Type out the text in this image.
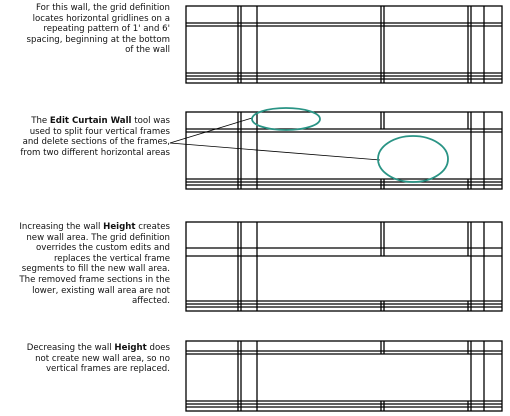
For this wall, the grid definition
locates horizontal gridlines on a
repeating pattern of 1' and 6'
spacing, beginning at the bottom
of the wall
The Edit Curtain Wall tool was
used to split four vertical frames
and delete sections of the frames,
from two different horizontal areas
Increasing the wall Height creates
new wall area. The grid definition
overrides the custom edits and
replaces the vertical frame
segments to fill the new wall area.
The removed frame sections in the
lower, existing wall area are not
affected.
Decreasing the wall Height does
not create new wall area, so no
vertical frames are replaced.
